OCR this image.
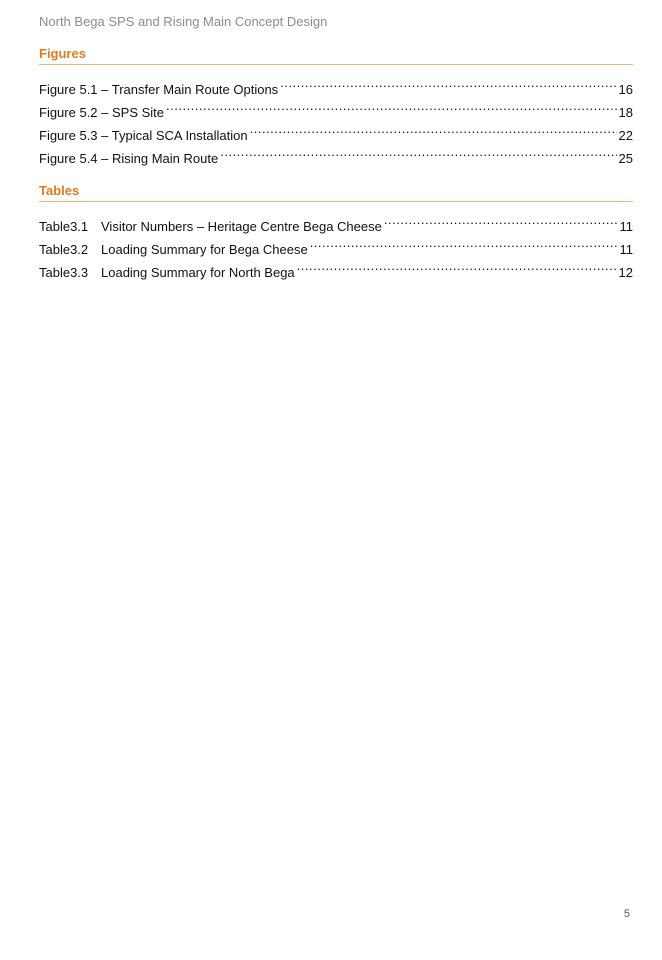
North Bega SPS and Rising Main Concept Design
Figures
Figure 5.1 – Transfer Main Route Options .....	16
Figure 5.2 – SPS Site .....	18
Figure 5.3 – Typical SCA Installation .....	22
Figure 5.4 – Rising Main Route .....	25
Tables
Table3.1 Visitor Numbers – Heritage Centre Bega Cheese .....	11
Table3.2 Loading Summary for Bega Cheese .....	11
Table3.3 Loading Summary for North Bega .....	12
5
